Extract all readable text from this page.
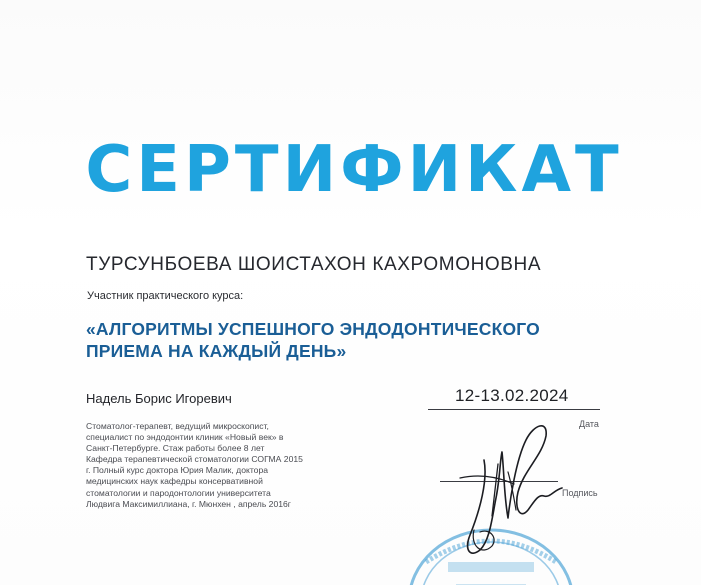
СЕРТИФИКАТ
ТУРСУНБОЕВА ШОИСТАХОН КАХРОМОНОВНА
Участник практического курса:
«АЛГОРИТМЫ УСПЕШНОГО ЭНДОДОНТИЧЕСКОГО
ПРИЕМА НА КАЖДЫЙ ДЕНЬ»
Надель Борис Игоревич	12-13.02.2024
Дата
Стоматолог-терапевт, ведущий микроскопист,
специалист по эндодонтии клиник «Новый век» в
Санкт-Петербурге. Стаж работы более 8 лет
Кафедра терапевтической стоматологии СОГМА 2015
г. Полный курс доктора Юрия Малик, доктора
медицинских наук кафедры консервативной
стоматологии и пародонтологии университета
Людвига Максимиллиана, г. Мюнхен , апрель 2016г
Подпись
